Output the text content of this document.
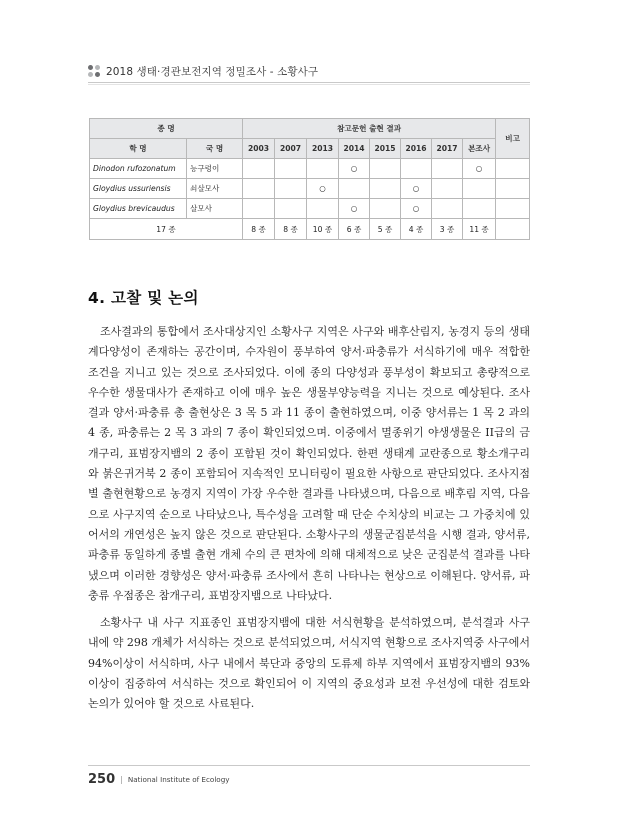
2018 생태·경관보전지역 정밀조사 - 소황사구
종 명		참고문헌 출현 결과								비고
학 명	국 명	2003	2007	2013	2014	2015	2016	2017	본조사	
Dinodon rufozonatum	능구렁이				○				○	
Gloydius ussuriensis	쇠살모사			○			○			
Gloydius brevicaudus	살모사				○		○			
17 종		8 종	8 종	10 종	6 종	5 종	4 종	3 종	11 종	
4. 고찰 및 논의

조사결과의 통합에서 조사대상지인 소황사구 지역은 사구와 배후산림지, 농경지 등의 생태계다양성이 존재하는 공간이며, 수자원이 풍부하여 양서·파충류가 서식하기에 매우 적합한 조건을 지니고 있는 것으로 조사되었다. 이에 종의 다양성과 풍부성이 확보되고 총량적으로 우수한 생물대사가 존재하고 이에 매우 높은 생물부양능력을 지니는 것으로 예상된다. 조사결과 양서·파충류 총 출현상은 3 목 5 과 11 종이 출현하였으며, 이중 양서류는 1 목 2 과의 4 종, 파충류는 2 목 3 과의 7 종이 확인되었으며. 이중에서 멸종위기 야생생물은 II급의 금개구리, 표범장지뱀의 2 종이 포함된 것이 확인되었다. 한편 생태계 교란종으로 황소개구리와 붉은귀거북 2 종이 포함되어 지속적인 모니터링이 필요한 사항으로 판단되었다. 조사지점별 출현현황으로 농경지 지역이 가장 우수한 결과를 나타냈으며, 다음으로 배후림 지역, 다음으로 사구지역 순으로 나타났으나, 특수성을 고려할 때 단순 수치상의 비교는 그 가중치에 있어서의 개연성은 높지 않은 것으로 판단된다. 소황사구의 생물군집분석을 시행 결과, 양서류, 파충류 동일하게 종별 출현 개체 수의 큰 편차에 의해 대체적으로 낮은 군집분석 결과를 나타냈으며 이러한 경향성은 양서·파충류 조사에서 흔히 나타나는 현상으로 이해된다. 양서류, 파충류 우점종은 참개구리, 표범장지뱀으로 나타났다.

소황사구 내 사구 지표종인 표범장지뱀에 대한 서식현황을 분석하였으며, 분석결과 사구 내에 약 298 개체가 서식하는 것으로 분석되었으며, 서식지역 현황으로 조사지역중 사구에서 94%이상이 서식하며, 사구 내에서 북단과 중앙의 도류제 하부 지역에서 표범장지뱀의 93% 이상이 집중하여 서식하는 것으로 확인되어 이 지역의 중요성과 보전 우선성에 대한 검토와 논의가 있어야 할 것으로 사료된다.

250 | National Institute of Ecology
